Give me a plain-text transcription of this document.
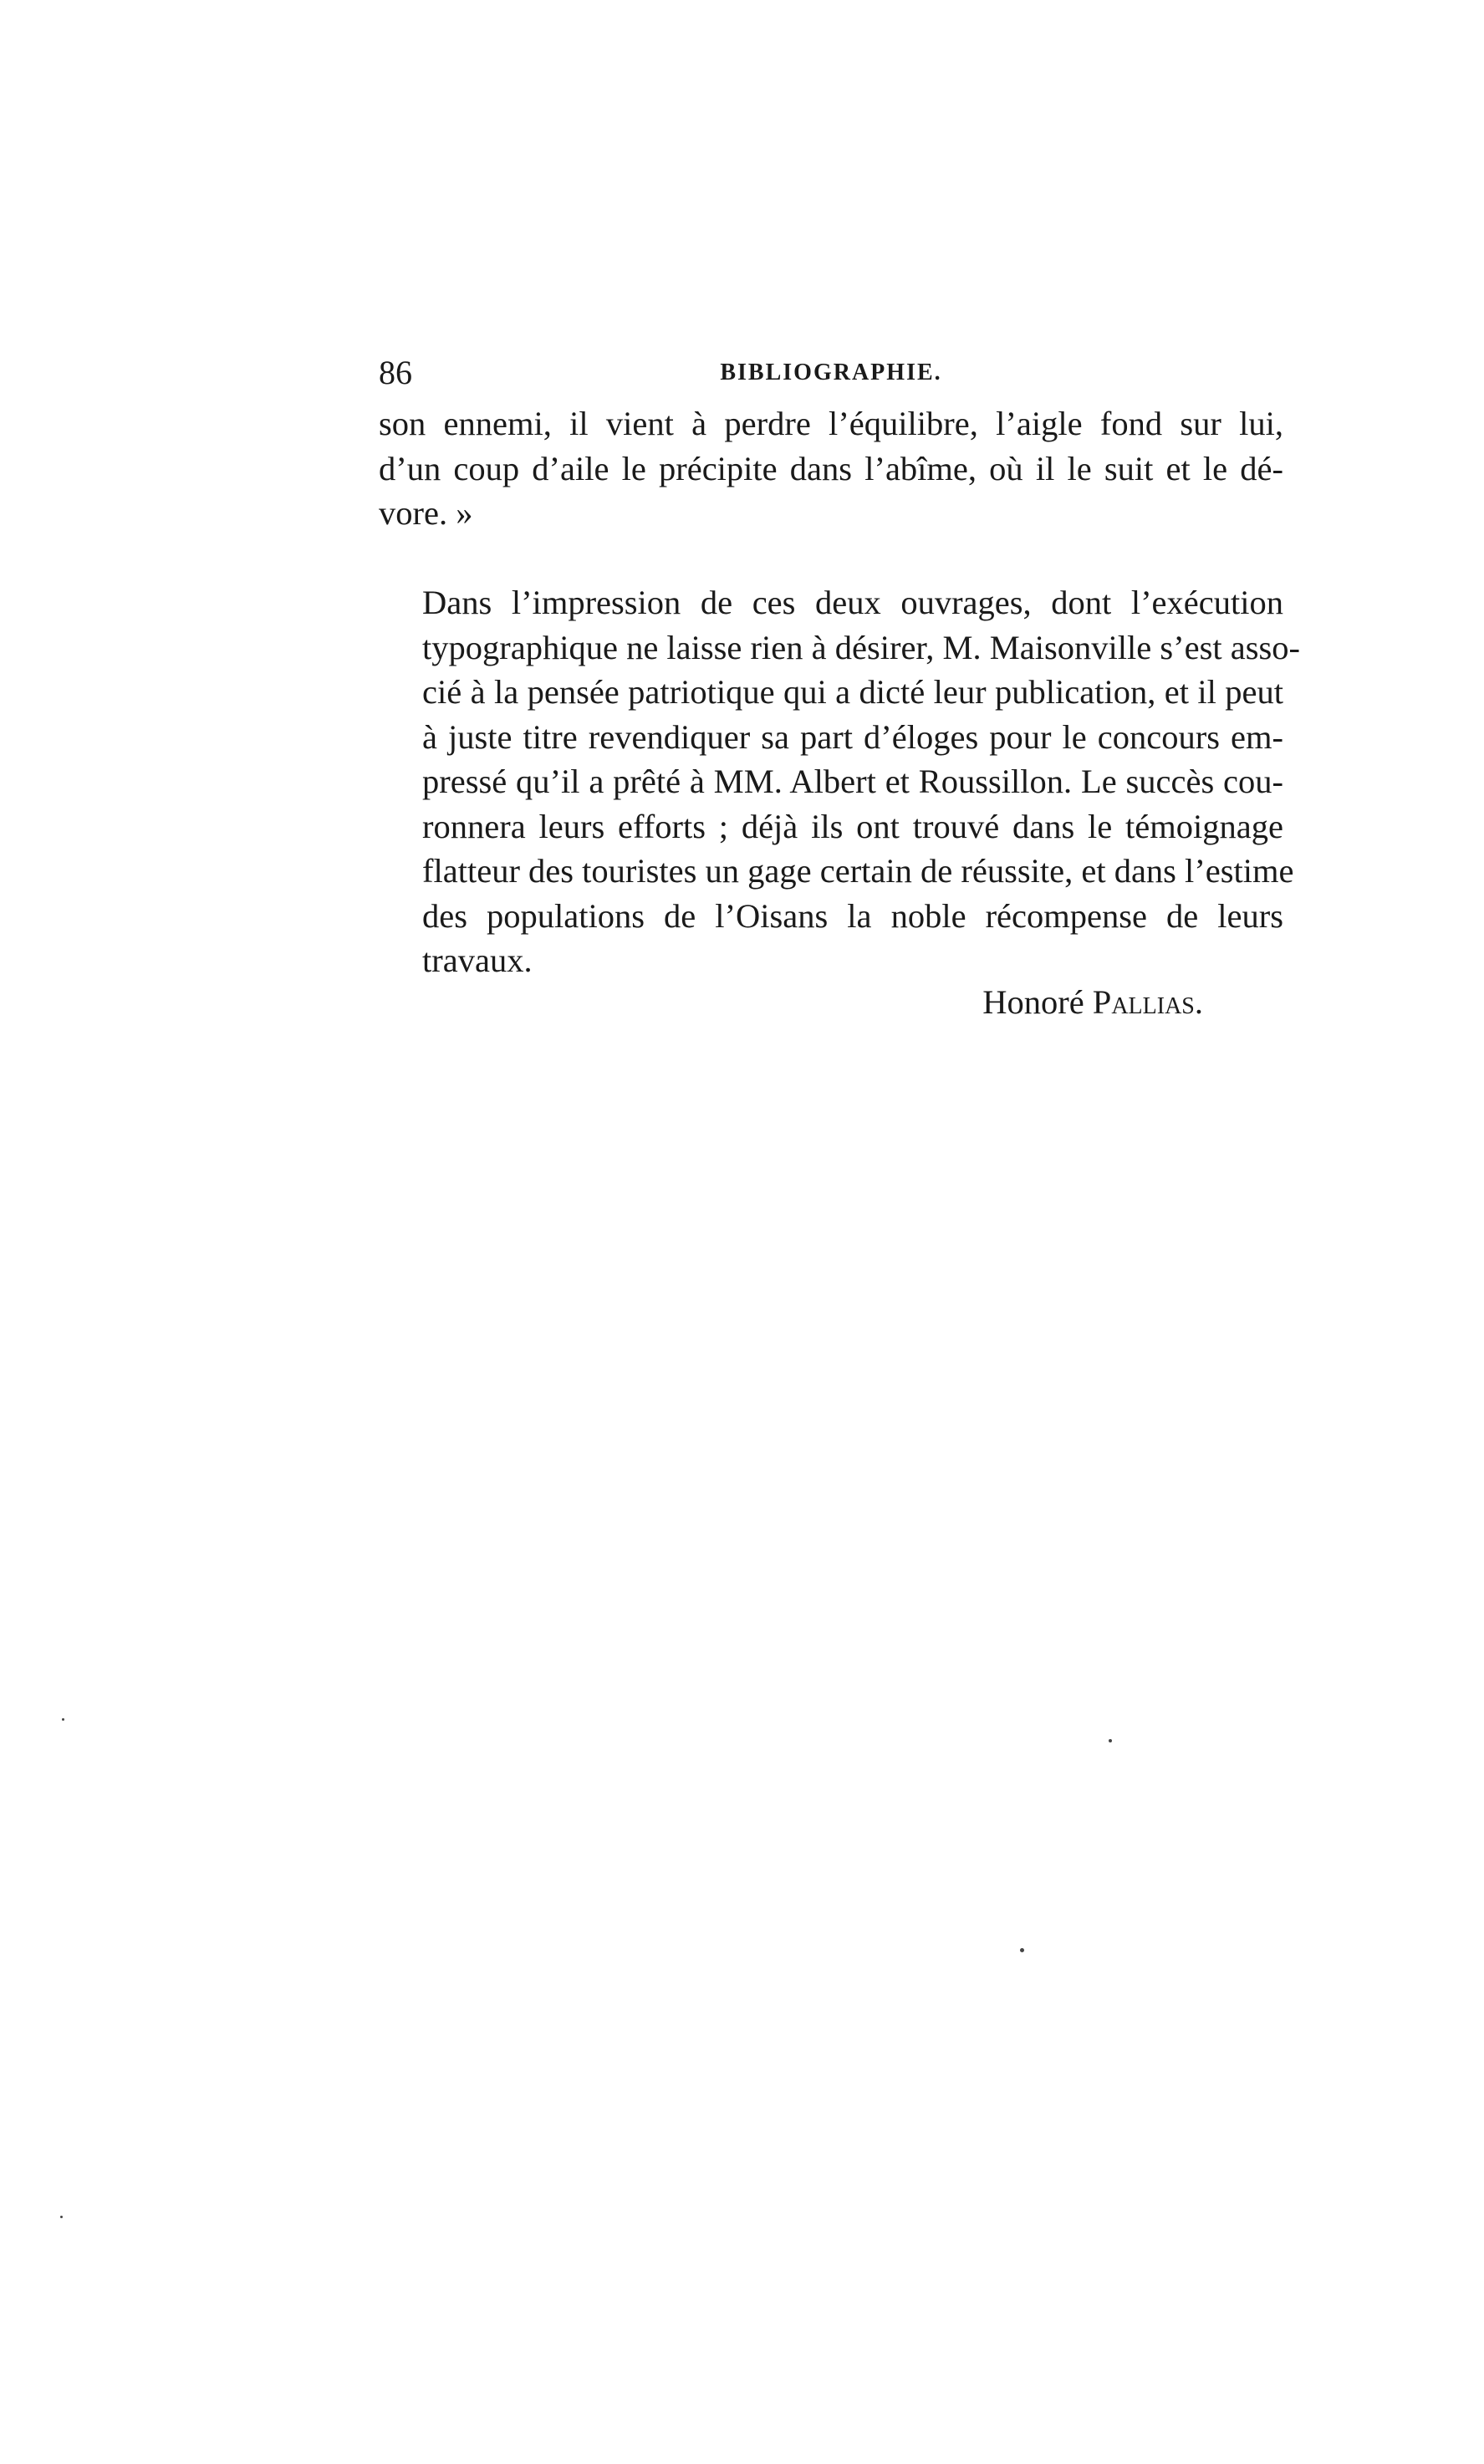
86	BIBLIOGRAPHIE.

son ennemi, il vient à perdre l’équilibre, l’aigle fond sur lui,
d’un coup d’aile le précipite dans l’abîme, où il le suit et le dé-
vore. »

Dans l’impression de ces deux ouvrages, dont l’exécution
typographique ne laisse rien à désirer, M. Maisonville s’est asso-
cié à la pensée patriotique qui a dicté leur publication, et il peut
à juste titre revendiquer sa part d’éloges pour le concours em-
pressé qu’il a prêté à MM. Albert et Roussillon. Le succès cou-
ronnera leurs efforts ; déjà ils ont trouvé dans le témoignage
flatteur des touristes un gage certain de réussite, et dans l’estime
des populations de l’Oisans la noble récompense de leurs
travaux.

Honoré Pallias.
